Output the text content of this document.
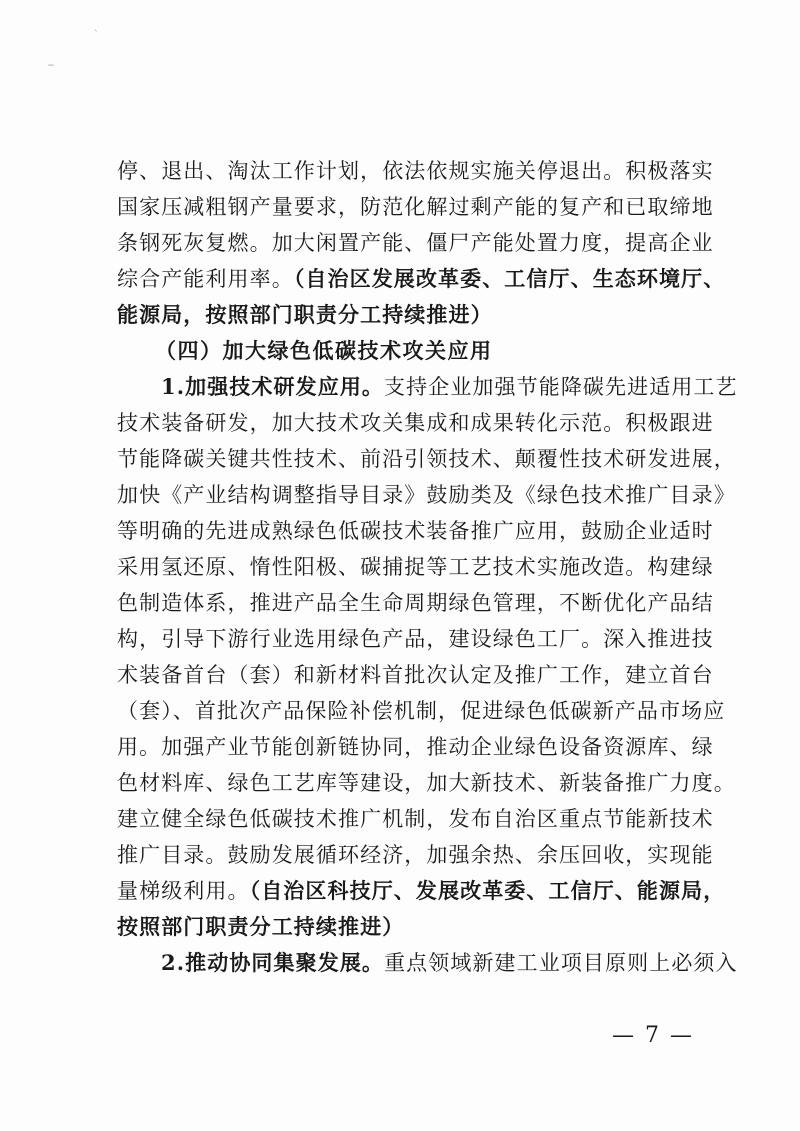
`
—
停、退出、淘汰工作计划，依法依规实施关停退出。积极落实
国家压减粗钢产量要求，防范化解过剩产能的复产和已取缔地
条钢死灰复燃。加大闲置产能、僵尸产能处置力度，提高企业
综合产能利用率。（自治区发展改革委、工信厅、生态环境厅、
能源局，按照部门职责分工持续推进）
（四）加大绿色低碳技术攻关应用
1.加强技术研发应用。支持企业加强节能降碳先进适用工艺
技术装备研发，加大技术攻关集成和成果转化示范。积极跟进
节能降碳关键共性技术、前沿引领技术、颠覆性技术研发进展，
加快《产业结构调整指导目录》鼓励类及《绿色技术推广目录》
等明确的先进成熟绿色低碳技术装备推广应用，鼓励企业适时
采用氢还原、惰性阳极、碳捕捉等工艺技术实施改造。构建绿
色制造体系，推进产品全生命周期绿色管理，不断优化产品结
构，引导下游行业选用绿色产品，建设绿色工厂。深入推进技
术装备首台（套）和新材料首批次认定及推广工作，建立首台
（套）、首批次产品保险补偿机制，促进绿色低碳新产品市场应
用。加强产业节能创新链协同，推动企业绿色设备资源库、绿
色材料库、绿色工艺库等建设，加大新技术、新装备推广力度。
建立健全绿色低碳技术推广机制，发布自治区重点节能新技术
推广目录。鼓励发展循环经济，加强余热、余压回收，实现能
量梯级利用。（自治区科技厅、发展改革委、工信厅、能源局，
按照部门职责分工持续推进）
2.推动协同集聚发展。重点领域新建工业项目原则上必须入
— 7 —
